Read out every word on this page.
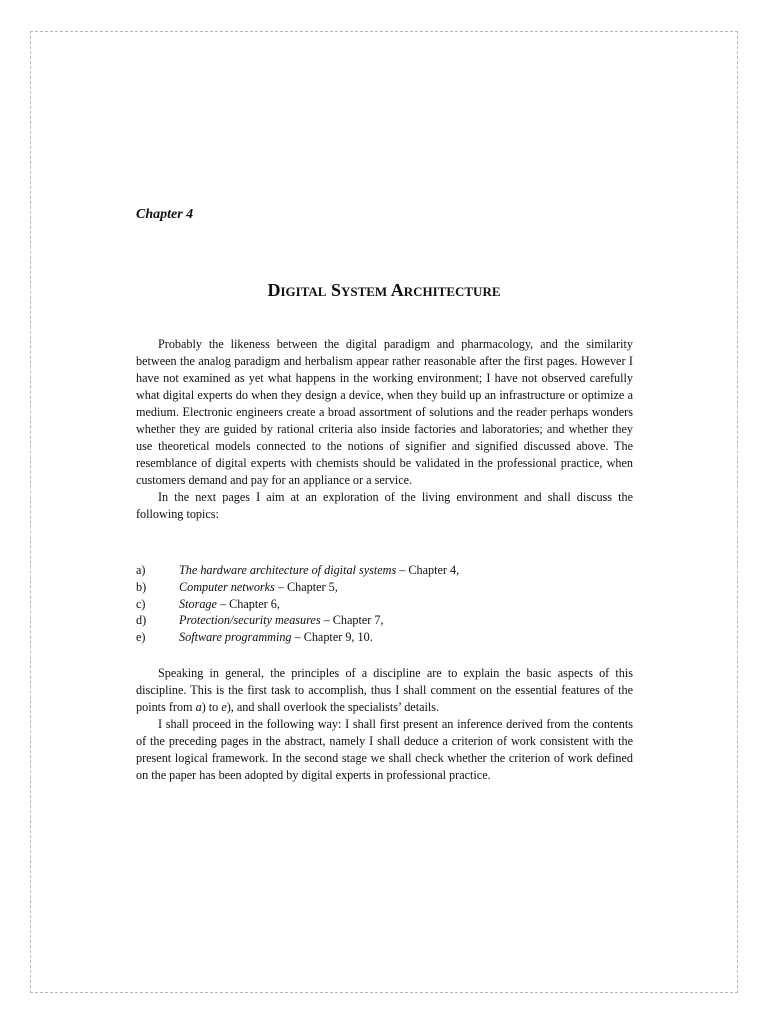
Chapter 4
Digital System Architecture

Probably the likeness between the digital paradigm and pharmacology, and the similarity between the analog paradigm and herbalism appear rather reasonable after the first pages. However I have not examined as yet what happens in the working environment; I have not observed carefully what digital experts do when they design a device, when they build up an infrastructure or optimize a medium. Electronic engineers create a broad assortment of solutions and the reader perhaps wonders whether they are guided by rational criteria also inside factories and laboratories; and whether they use theoretical models connected to the notions of signifier and signified discussed above. The resemblance of digital experts with chemists should be validated in the professional practice, when customers demand and pay for an appliance or a service.

In the next pages I aim at an exploration of the living environment and shall discuss the following topics:

a)	The hardware architecture of digital systems – Chapter 4,
b)	Computer networks – Chapter 5,
c)	Storage – Chapter 6,
d)	Protection/security measures – Chapter 7,
e)	Software programming – Chapter 9, 10.

Speaking in general, the principles of a discipline are to explain the basic aspects of this discipline. This is the first task to accomplish, thus I shall comment on the essential features of the points from a) to e), and shall overlook the specialists’ details.

I shall proceed in the following way: I shall first present an inference derived from the contents of the preceding pages in the abstract, namely I shall deduce a criterion of work consistent with the present logical framework. In the second stage we shall check whether the criterion of work defined on the paper has been adopted by digital experts in professional practice.
